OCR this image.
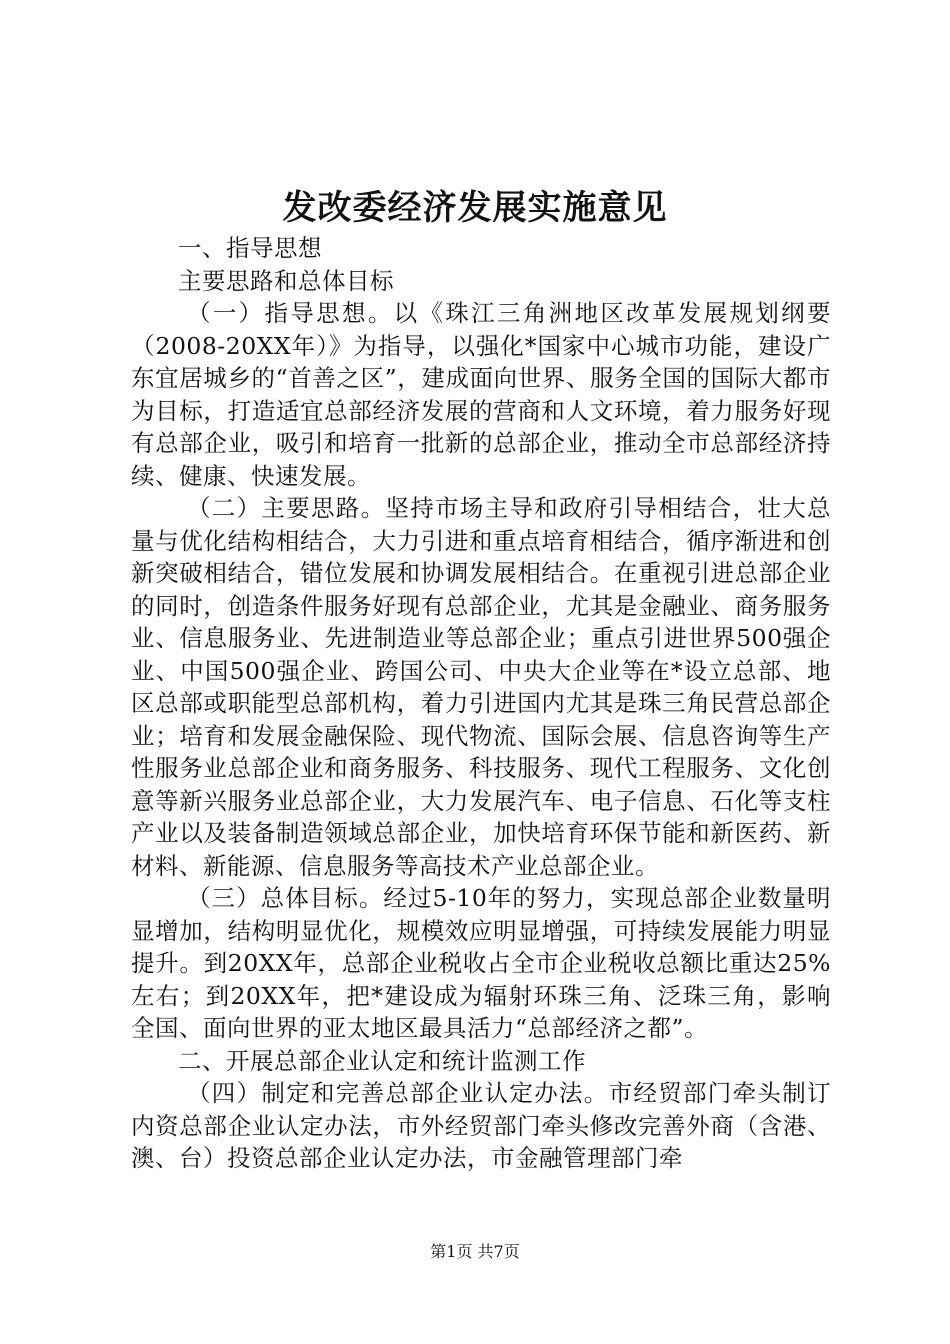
发改委经济发展实施意见

一、指导思想

主要思路和总体目标

（一）指导思想。以《珠江三角洲地区改革发展规划纲要（2008-20XX年）》为指导，以强化*国家中心城市功能，建设广东宜居城乡的“首善之区”，建成面向世界、服务全国的国际大都市为目标，打造适宜总部经济发展的营商和人文环境，着力服务好现有总部企业，吸引和培育一批新的总部企业，推动全市总部经济持续、健康、快速发展。

（二）主要思路。坚持市场主导和政府引导相结合，壮大总量与优化结构相结合，大力引进和重点培育相结合，循序渐进和创新突破相结合，错位发展和协调发展相结合。在重视引进总部企业的同时，创造条件服务好现有总部企业，尤其是金融业、商务服务业、信息服务业、先进制造业等总部企业；重点引进世界500强企业、中国500强企业、跨国公司、中央大企业等在*设立总部、地区总部或职能型总部机构，着力引进国内尤其是珠三角民营总部企业；培育和发展金融保险、现代物流、国际会展、信息咨询等生产性服务业总部企业和商务服务、科技服务、现代工程服务、文化创意等新兴服务业总部企业，大力发展汽车、电子信息、石化等支柱产业以及装备制造领域总部企业，加快培育环保节能和新医药、新材料、新能源、信息服务等高技术产业总部企业。

（三）总体目标。经过5-10年的努力，实现总部企业数量明显增加，结构明显优化，规模效应明显增强，可持续发展能力明显提升。到20XX年，总部企业税收占全市企业税收总额比重达25%左右；到20XX年，把*建设成为辐射环珠三角、泛珠三角，影响全国、面向世界的亚太地区最具活力“总部经济之都”。

二、开展总部企业认定和统计监测工作

（四）制定和完善总部企业认定办法。市经贸部门牵头制订内资总部企业认定办法，市外经贸部门牵头修改完善外商（含港、澳、台）投资总部企业认定办法，市金融管理部门牵

第1页 共7页
